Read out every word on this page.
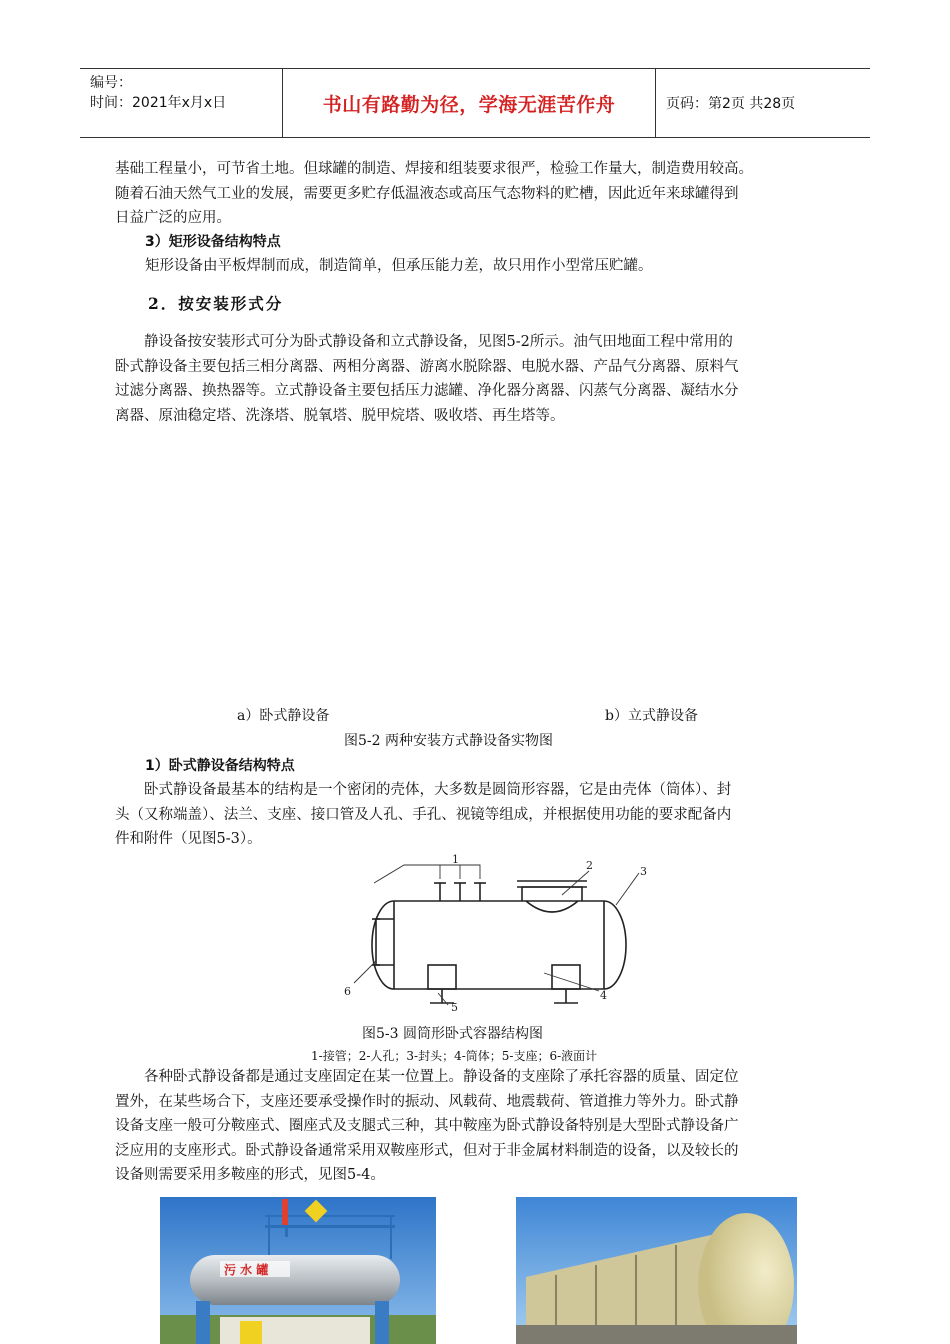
编号：
时间：2021年x月x日	书山有路勤为径，学海无涯苦作舟	页码：第2页 共28页

基础工程量小，可节省土地。但球罐的制造、焊接和组装要求很严，检验工作量大，制造费用较高。

随着石油天然气工业的发展，需要更多贮存低温液态或高压气态物料的贮槽，因此近年来球罐得到

日益广泛的应用。

3）矩形设备结构特点
矩形设备由平板焊制而成，制造简单，但承压能力差，故只用作小型常压贮罐。
2．按安装形式分

静设备按安装形式可分为卧式静设备和立式静设备，见图5-2所示。油气田地面工程中常用的

卧式静设备主要包括三相分离器、两相分离器、游离水脱除器、电脱水器、产品气分离器、原料气

过滤分离器、换热器等。立式静设备主要包括压力滤罐、净化器分离器、闪蒸气分离器、凝结水分

离器、原油稳定塔、洗涤塔、脱氧塔、脱甲烷塔、吸收塔、再生塔等。

a）卧式静设备	b）立式静设备
图5-2 两种安装方式静设备实物图
1）卧式静设备结构特点

卧式静设备最基本的结构是一个密闭的壳体，大多数是圆筒形容器，它是由壳体（筒体）、封

头（又称端盖）、法兰、支座、接口管及人孔、手孔、视镜等组成，并根据使用功能的要求配备内

件和附件（见图5-3）。

1	2	3
4
5
6
图5-3 圆筒形卧式容器结构图
1-接管；2-人孔；3-封头；4-筒体；5-支座；6-液面计

各种卧式静设备都是通过支座固定在某一位置上。静设备的支座除了承托容器的质量、固定位

置外，在某些场合下，支座还要承受操作时的振动、风载荷、地震载荷、管道推力等外力。卧式静

设备支座一般可分鞍座式、圈座式及支腿式三种，其中鞍座为卧式静设备特别是大型卧式静设备广

泛应用的支座形式。卧式静设备通常采用双鞍座形式，但对于非金属材料制造的设备，以及较长的

设备则需要采用多鞍座的形式，见图5-4。

污 水 罐
